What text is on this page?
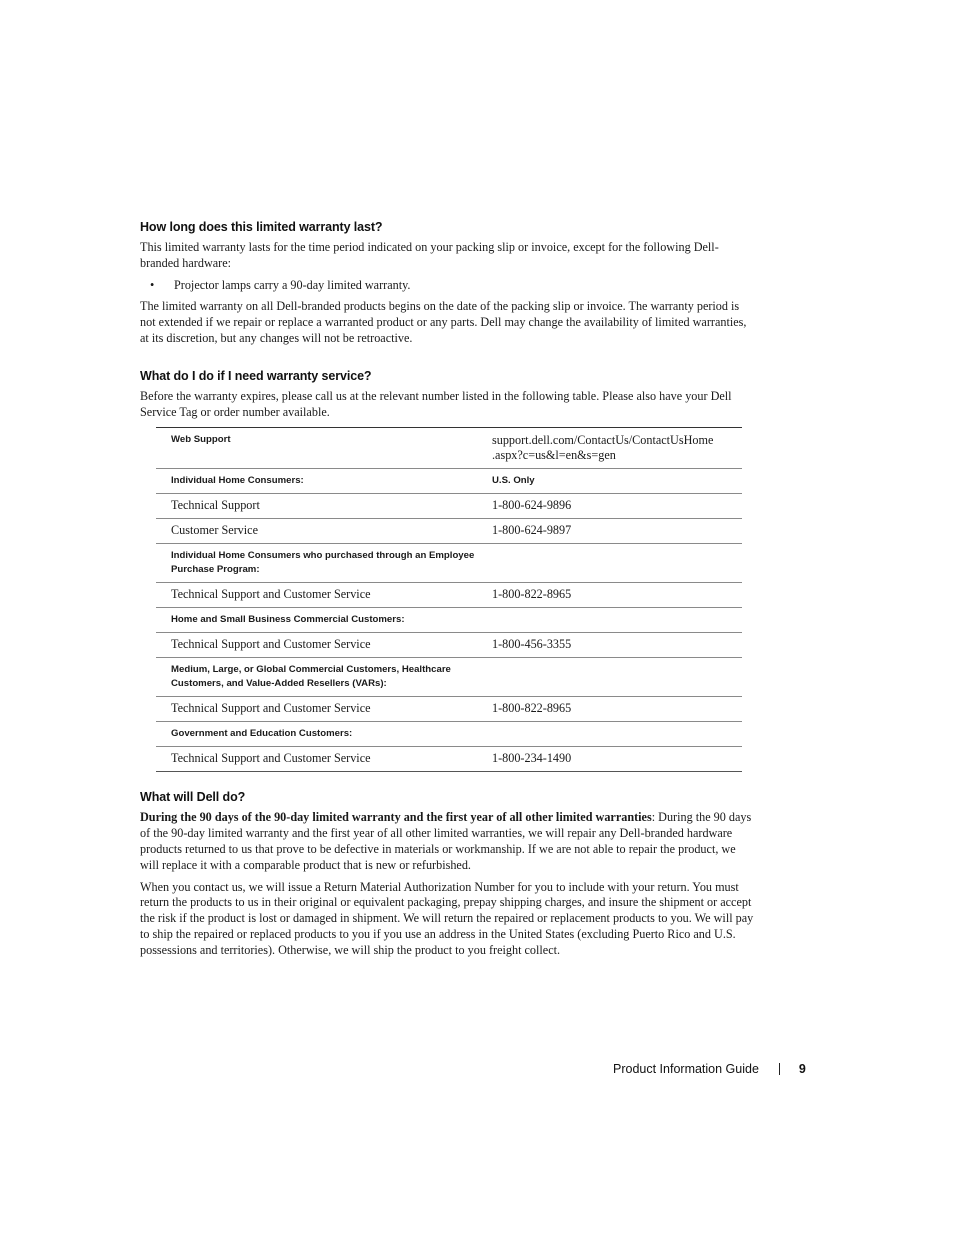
How long does this limited warranty last?

This limited warranty lasts for the time period indicated on your packing slip or invoice, except for the following Dell-branded hardware:

•	Projector lamps carry a 90-day limited warranty.

The limited warranty on all Dell-branded products begins on the date of the packing slip or invoice. The warranty period is not extended if we repair or replace a warranted product or any parts. Dell may change the availability of limited warranties, at its discretion, but any changes will not be retroactive.

What do I do if I need warranty service?

Before the warranty expires, please call us at the relevant number listed in the following table. Please also have your Dell Service Tag or order number available.

Web Support	support.dell.com/ContactUs/ContactUsHome .aspx?c=us&l=en&s=gen
Individual Home Consumers:	U.S. Only
Technical Support	1-800-624-9896
Customer Service	1-800-624-9897
Individual Home Consumers who purchased through an Employee Purchase Program:	
Technical Support and Customer Service	1-800-822-8965
Home and Small Business Commercial Customers:	
Technical Support and Customer Service	1-800-456-3355
Medium, Large, or Global Commercial Customers, Healthcare Customers, and Value-Added Resellers (VARs):	
Technical Support and Customer Service	1-800-822-8965
Government and Education Customers:	
Technical Support and Customer Service	1-800-234-1490
What will Dell do?

During the 90 days of the 90-day limited warranty and the first year of all other limited warranties: During the 90 days of the 90-day limited warranty and the first year of all other limited warranties, we will repair any Dell-branded hardware products returned to us that prove to be defective in materials or workmanship. If we are not able to repair the product, we will replace it with a comparable product that is new or refurbished.

When you contact us, we will issue a Return Material Authorization Number for you to include with your return. You must return the products to us in their original or equivalent packaging, prepay shipping charges, and insure the shipment or accept the risk if the product is lost or damaged in shipment. We will return the repaired or replacement products to you. We will pay to ship the repaired or replaced products to you if you use an address in the United States (excluding Puerto Rico and U.S. possessions and territories). Otherwise, we will ship the product to you freight collect.

Product Information Guide	9
